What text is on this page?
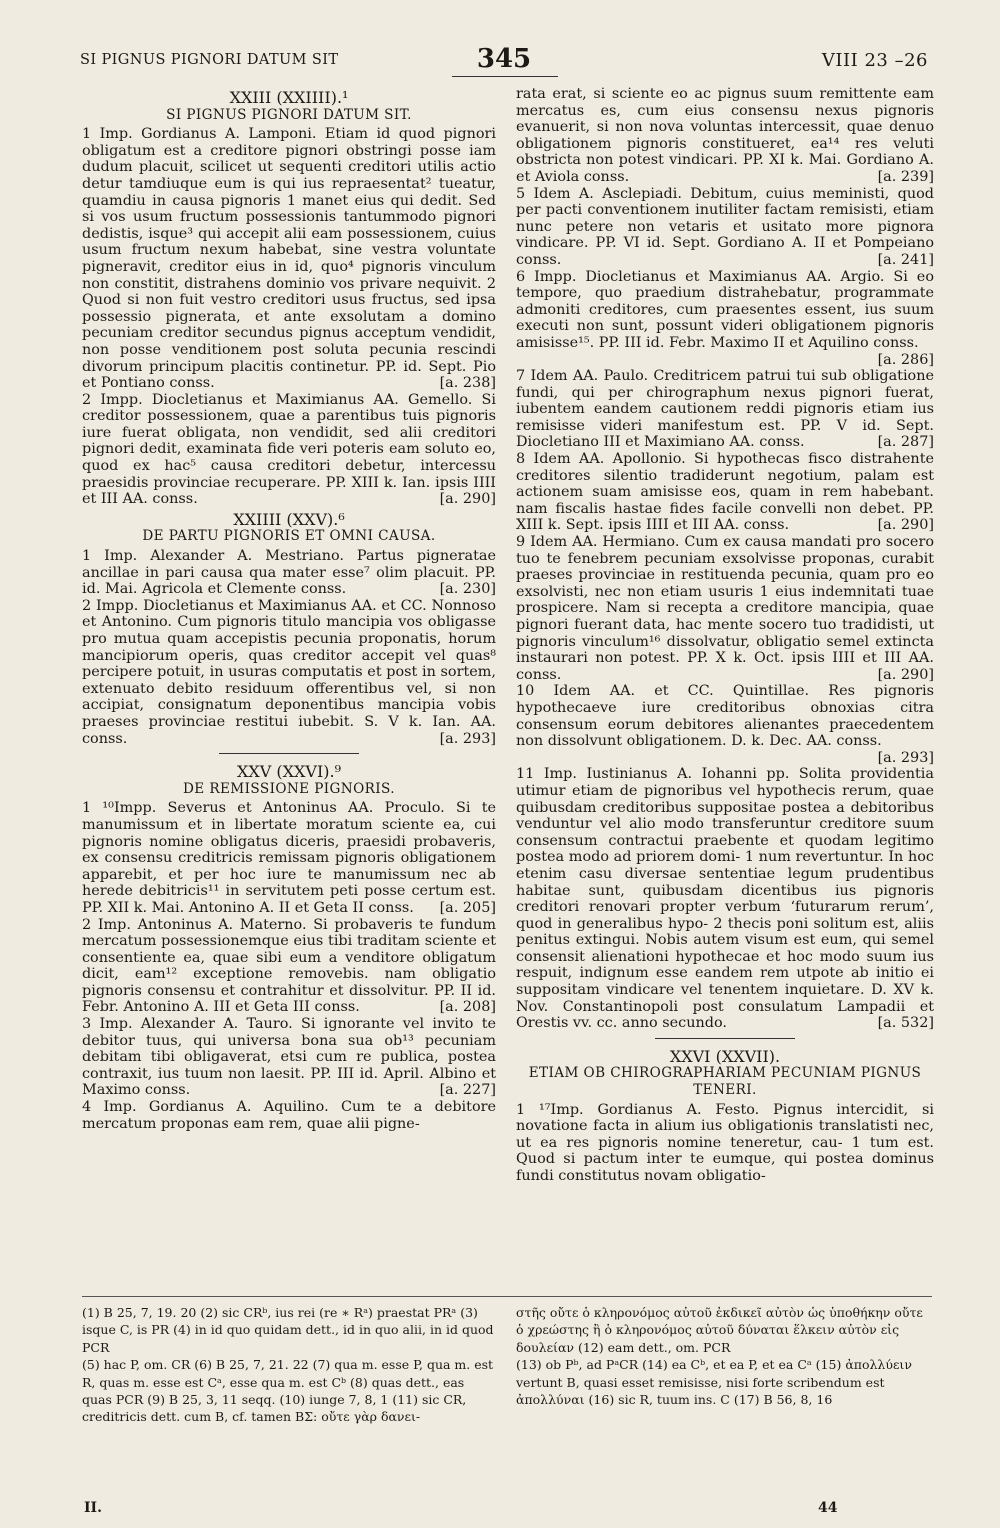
SI PIGNUS PIGNORI DATUM SIT	345	VIII 23 –26
XXIII (XXIIII).¹
SI PIGNUS PIGNORI DATUM SIT.

1 Imp. Gordianus A. Lamponi. Etiam id quod pignori obligatum est a creditore pignori obstringi posse iam dudum placuit, scilicet ut sequenti creditori utilis actio detur tamdiuque eum is qui ius repraesentat² tueatur, quamdiu in causa pignoris 1 manet eius qui dedit. Sed si vos usum fructum possessionis tantummodo pignori dedistis, isque³ qui accepit alii eam possessionem, cuius usum fructum nexum habebat, sine vestra voluntate pigneravit, creditor eius in id, quo⁴ pignoris vinculum non constitit, distrahens dominio vos privare nequivit. 2 Quod si non fuit vestro creditori usus fructus, sed ipsa possessio pignerata, et ante exsolutam a domino pecuniam creditor secundus pignus acceptum vendidit, non posse venditionem post soluta pecunia rescindi divorum principum placitis continetur. PP. id. Sept. Pio et Pontiano conss.	[a. 238]

2 Impp. Diocletianus et Maximianus AA. Gemello. Si creditor possessionem, quae a parentibus tuis pignoris iure fuerat obligata, non vendidit, sed alii creditori pignori dedit, examinata fide veri poteris eam soluto eo, quod ex hac⁵ causa creditori debetur, intercessu praesidis provinciae recuperare. PP. XIII k. Ian. ipsis IIII et III AA. conss.	[a. 290]

XXIIII (XXV).⁶
DE PARTU PIGNORIS ET OMNI CAUSA.

1 Imp. Alexander A. Mestriano. Partus pigneratae ancillae in pari causa qua mater esse⁷ olim placuit. PP. id. Mai. Agricola et Clemente conss.	[a. 230]

2 Impp. Diocletianus et Maximianus AA. et CC. Nonnoso et Antonino. Cum pignoris titulo mancipia vos obligasse pro mutua quam accepistis pecunia proponatis, horum mancipiorum operis, quas creditor accepit vel quas⁸ percipere potuit, in usuras computatis et post in sortem, extenuato debito residuum offerentibus vel, si non accipiat, consignatum deponentibus mancipia vobis praeses provinciae restitui iubebit. S. V k. Ian. AA. conss.	[a. 293]

XXV (XXVI).⁹
DE REMISSIONE PIGNORIS.

1 ¹⁰Impp. Severus et Antoninus AA. Proculo. Si te manumissum et in libertate moratum sciente ea, cui pignoris nomine obligatus diceris, praesidi probaveris, ex consensu creditricis remissam pignoris obligationem apparebit, et per hoc iure te manumissum nec ab herede debitricis¹¹ in servitutem peti posse certum est. PP. XII k. Mai. Antonino A. II et Geta II conss. [a. 205]

2 Imp. Antoninus A. Materno. Si probaveris te fundum mercatum possessionemque eius tibi traditam sciente et consentiente ea, quae sibi eum a venditore obligatum dicit, eam¹² exceptione removebis. nam obligatio pignoris consensu et contrahitur et dissolvitur. PP. II id. Febr. Antonino A. III et Geta III conss.	[a. 208]

3 Imp. Alexander A. Tauro. Si ignorante vel invito te debitor tuus, qui universa bona sua ob¹³ pecuniam debitam tibi obligaverat, etsi cum re publica, postea contraxit, ius tuum non laesit. PP. III id. April. Albino et Maximo conss.	[a. 227]

4 Imp. Gordianus A. Aquilino. Cum te a debitore mercatum proponas eam rem, quae alii pigne-

rata erat, si sciente eo ac pignus suum remittente eam mercatus es, cum eius consensu nexus pignoris evanuerit, si non nova voluntas intercessit, quae denuo obligationem pignoris constitueret, ea¹⁴ res veluti obstricta non potest vindicari. PP. XI k. Mai. Gordiano A. et Aviola conss.	[a. 239]

5 Idem A. Asclepiadi. Debitum, cuius meministi, quod per pacti conventionem inutiliter factam remisisti, etiam nunc petere non vetaris et usitato more pignora vindicare. PP. VI id. Sept. Gordiano A. II et Pompeiano conss.	[a. 241]

6 Impp. Diocletianus et Maximianus AA. Argio. Si eo tempore, quo praedium distrahebatur, programmate admoniti creditores, cum praesentes essent, ius suum executi non sunt, possunt videri obligationem pignoris amisisse¹⁵. PP. III id. Febr. Maximo II et Aquilino conss.
[a. 286]

7 Idem AA. Paulo. Creditricem patrui tui sub obligatione fundi, qui per chirographum nexus pignori fuerat, iubentem eandem cautionem reddi pignoris etiam ius remisisse videri manifestum est. PP. V id. Sept. Diocletiano III et Maximiano AA. conss.	[a. 287]

8 Idem AA. Apollonio. Si hypothecas fisco distrahente creditores silentio tradiderunt negotium, palam est actionem suam amisisse eos, quam in rem habebant. nam fiscalis hastae fides facile convelli non debet. PP. XIII k. Sept. ipsis IIII et III AA. conss.	[a. 290]

9 Idem AA. Hermiano. Cum ex causa mandati pro socero tuo te fenebrem pecuniam exsolvisse proponas, curabit praeses provinciae in restituenda pecunia, quam pro eo exsolvisti, nec non etiam usuris 1 eius indemnitati tuae prospicere. Nam si recepta a creditore mancipia, quae pignori fuerant data, hac mente socero tuo tradidisti, ut pignoris vinculum¹⁶ dissolvatur, obligatio semel extincta instaurari non potest. PP. X k. Oct. ipsis IIII et III AA. conss.	[a. 290]

10 Idem AA. et CC. Quintillae. Res pignoris hypothecaeve iure creditoribus obnoxias citra consensum eorum debitores alienantes praecedentem non dissolvunt obligationem. D. k. Dec. AA. conss.
[a. 293]

11 Imp. Iustinianus A. Iohanni pp. Solita providentia utimur etiam de pignoribus vel hypothecis rerum, quae quibusdam creditoribus suppositae postea a debitoribus venduntur vel alio modo transferuntur creditore suum consensum contractui praebente et quodam legitimo postea modo ad priorem domi- 1 num revertuntur. In hoc etenim casu diversae sententiae legum prudentibus habitae sunt, quibusdam dicentibus ius pignoris creditori renovari propter verbum ‘futurarum rerum’, quod in generalibus hypo- 2 thecis poni solitum est, aliis penitus extingui. Nobis autem visum est eum, qui semel consensit alienationi hypothecae et hoc modo suum ius respuit, indignum esse eandem rem utpote ab initio ei suppositam vindicare vel tenentem inquietare. D. XV k. Nov. Constantinopoli post consulatum Lampadii et Orestis vv. cc. anno secundo.	[a. 532]

XXVI (XXVII).
ETIAM OB CHIROGRAPHARIAM PECUNIAM PIGNUS TENERI.

1 ¹⁷Imp. Gordianus A. Festo. Pignus intercidit, si novatione facta in alium ius obligationis translatisti nec, ut ea res pignoris nomine teneretur, cau- 1 tum est. Quod si pactum inter te eumque, qui postea dominus fundi constitutus novam obligatio-

(1) B 25, 7, 19. 20 (2) sic CRᵇ, ius rei (re ∗ Rᵃ) praestat PRᵃ (3) isque C, is PR (4) in id quo quidam dett., id in quo alii, in id quod PCR

(5) hac P, om. CR (6) B 25, 7, 21. 22 (7) qua m. esse P, qua m. est R, quas m. esse est Cᵃ, esse qua m. est Cᵇ (8) quas dett., eas quas PCR (9) B 25, 3, 11 seqq. (10) iunge 7, 8, 1 (11) sic CR, creditricis dett. cum B, cf. tamen BΣ: οὔτε γὰρ δανει-

στῆς οὔτε ὁ κληρονόμος αὐτοῦ ἐκδικεῖ αὐτὸν ὡς ὑποθήκην οὔτε ὁ χρεώστης ἢ ὁ κληρονόμος αὐτοῦ δύναται ἕλκειν αὐτὸν εἰς δουλείαν (12) eam dett., om. PCR

(13) ob Pᵇ, ad PᵃCR (14) ea Cᵇ, et ea P, et ea Cᵃ (15) ἀπολλύειν vertunt B, quasi esset remisisse, nisi forte scribendum est ἀπολλύναι (16) sic R, tuum ins. C (17) B 56, 8, 16

II.	44
